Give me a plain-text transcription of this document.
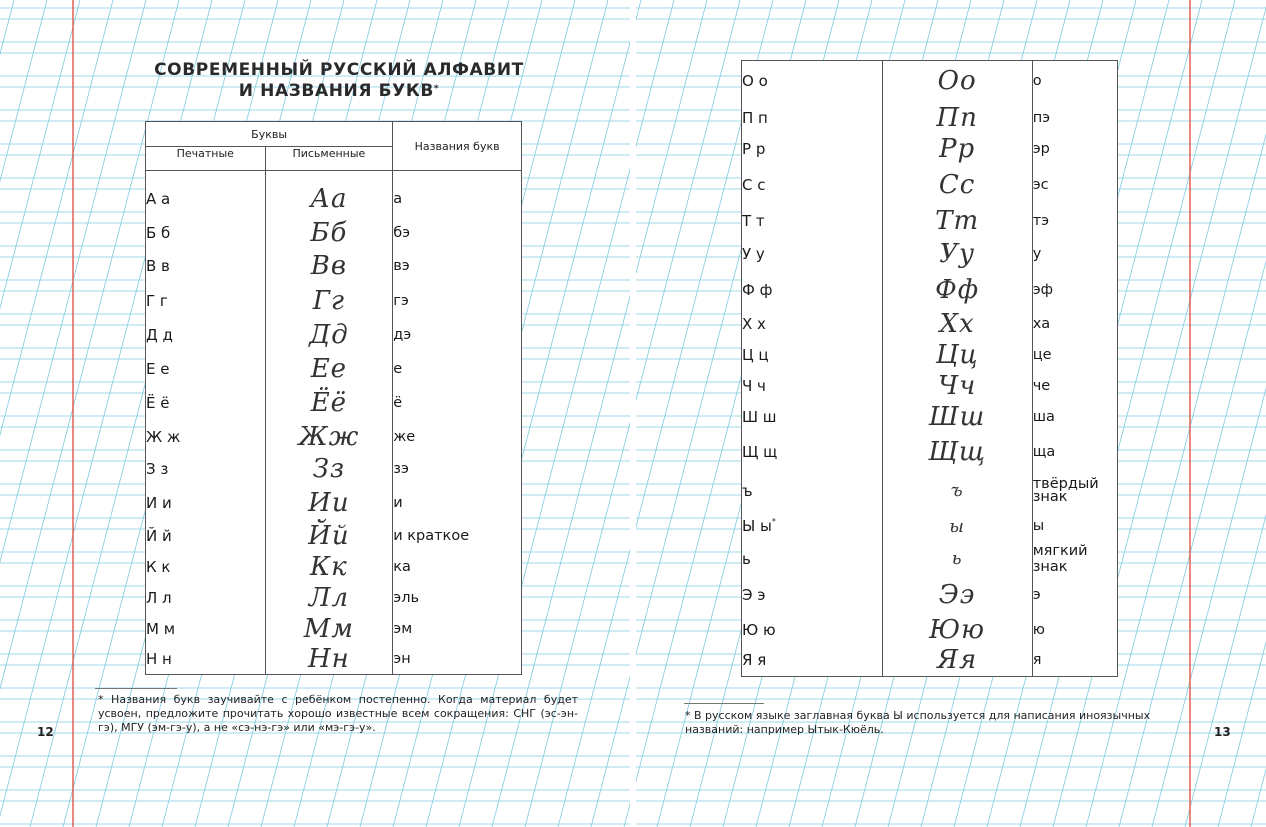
СОВРЕМЕННЫЙ РУССКИЙ АЛФАВИТ
И НАЗВАНИЯ БУКВ*
Буквы		Названия букв
Печатные	Письменные	

А а	Аа	а
Б б	Бб	бэ
В в	Вв	вэ
Г г	Гг	гэ
Д д	Дд	дэ
Е е	Ее	е
Ё ё	Ёё	ё
Ж ж	Жж	же
З з	Зз	зэ
И и	Ии	и
Й й	Йй	и краткое
К к	Кк	ка
Л л	Лл	эль
М м	Мм	эм
Н н	Нн	эн
* Названия букв заучивайте с ребёнком постепенно. Когда материал будет усвоен, предложите прочитать хорошо известные всем сокращения: СНГ (эс-эн-гэ), МГУ (эм-гэ-у), а не «сэ-нэ-гэ» или «мэ-гэ-у».
12
О о	Оо	о
П п	Пп	пэ
Р р	Рр	эр
С с	Сс	эс
Т т	Тт	тэ
У у	Уу	у
Ф ф	Фф	эф
Х х	Хх	ха
Ц ц	Цц	це
Ч ч	Чч	че
Ш ш	Шш	ша
Щ щ	Щщ	ща
ъ	ъ	твёрдый знак
Ы ы*	ы	ы
ь	ь	мягкий знак
Э э	Ээ	э
Ю ю	Юю	ю
Я я	Яя	я
* В русском языке заглавная буква Ы используется для написания иноязычных названий: например Ытык-Кюёль.	13
